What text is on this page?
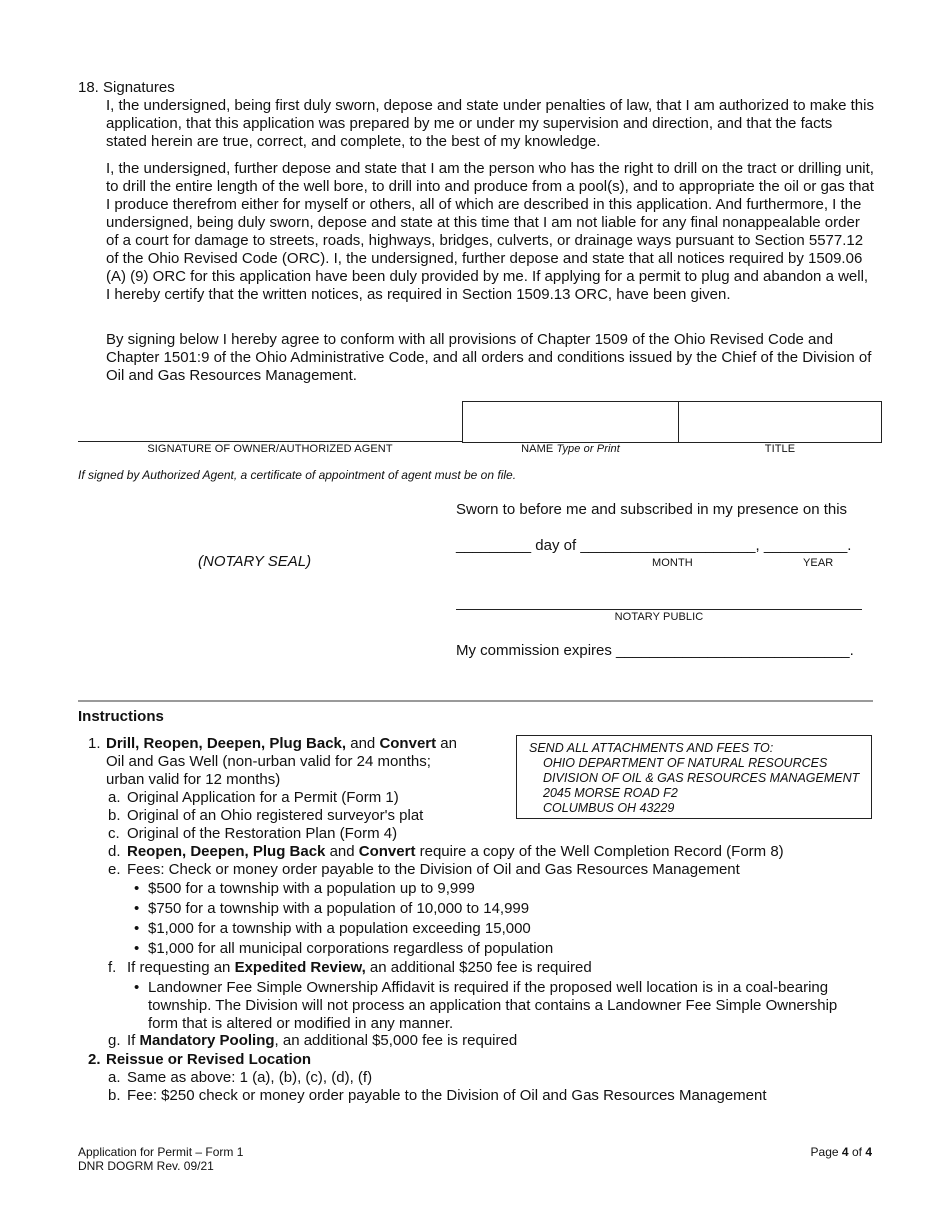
18. Signatures
I, the undersigned, being first duly sworn, depose and state under penalties of law, that I am authorized to make this application, that this application was prepared by me or under my supervision and direction, and that the facts stated herein are true, correct, and complete, to the best of my knowledge.
I, the undersigned, further depose and state that I am the person who has the right to drill on the tract or drilling unit, to drill the entire length of the well bore, to drill into and produce from a pool(s), and to appropriate the oil or gas that I produce therefrom either for myself or others, all of which are described in this application. And furthermore, I the undersigned, being duly sworn, depose and state at this time that I am not liable for any final nonappealable order of a court for damage to streets, roads, highways, bridges, culverts, or drainage ways pursuant to Section 5577.12 of the Ohio Revised Code (ORC). I, the undersigned, further depose and state that all notices required by 1509.06 (A) (9) ORC for this application have been duly provided by me. If applying for a permit to plug and abandon a well, I hereby certify that the written notices, as required in Section 1509.13 ORC, have been given.
By signing below I hereby agree to conform with all provisions of Chapter 1509 of the Ohio Revised Code and Chapter 1501:9 of the Ohio Administrative Code, and all orders and conditions issued by the Chief of the Division of Oil and Gas Resources Management.
SIGNATURE OF OWNER/AUTHORIZED AGENT	NAME Type or Print	TITLE
If signed by Authorized Agent, a certificate of appointment of agent must be on file.
Sworn to before me and subscribed in my presence on this
_________ day of _____________________, __________.
MONTH	YEAR
(NOTARY SEAL)
NOTARY PUBLIC
My commission expires ____________________________.
Instructions
1. Drill, Reopen, Deepen, Plug Back, and Convert an
Oil and Gas Well (non-urban valid for 24 months;
urban valid for 12 months)
a. Original Application for a Permit (Form 1)
b. Original of an Ohio registered surveyor's plat
c. Original of the Restoration Plan (Form 4)
d. Reopen, Deepen, Plug Back and Convert require a copy of the Well Completion Record (Form 8)
e. Fees: Check or money order payable to the Division of Oil and Gas Resources Management
• $500 for a township with a population up to 9,999
• $750 for a township with a population of 10,000 to 14,999
• $1,000 for a township with a population exceeding 15,000
• $1,000 for all municipal corporations regardless of population
f. If requesting an Expedited Review, an additional $250 fee is required
• Landowner Fee Simple Ownership Affidavit is required if the proposed well location is in a coal-bearing
township. The Division will not process an application that contains a Landowner Fee Simple Ownership
form that is altered or modified in any manner.
g. If Mandatory Pooling, an additional $5,000 fee is required
2. Reissue or Revised Location
a. Same as above: 1 (a), (b), (c), (d), (f)
b. Fee: $250 check or money order payable to the Division of Oil and Gas Resources Management
SEND ALL ATTACHMENTS AND FEES TO:
OHIO DEPARTMENT OF NATURAL RESOURCES
DIVISION OF OIL & GAS RESOURCES MANAGEMENT
2045 MORSE ROAD F2
COLUMBUS OH 43229
Application for Permit – Form 1
DNR DOGRM Rev. 09/21
Page 4 of 4
